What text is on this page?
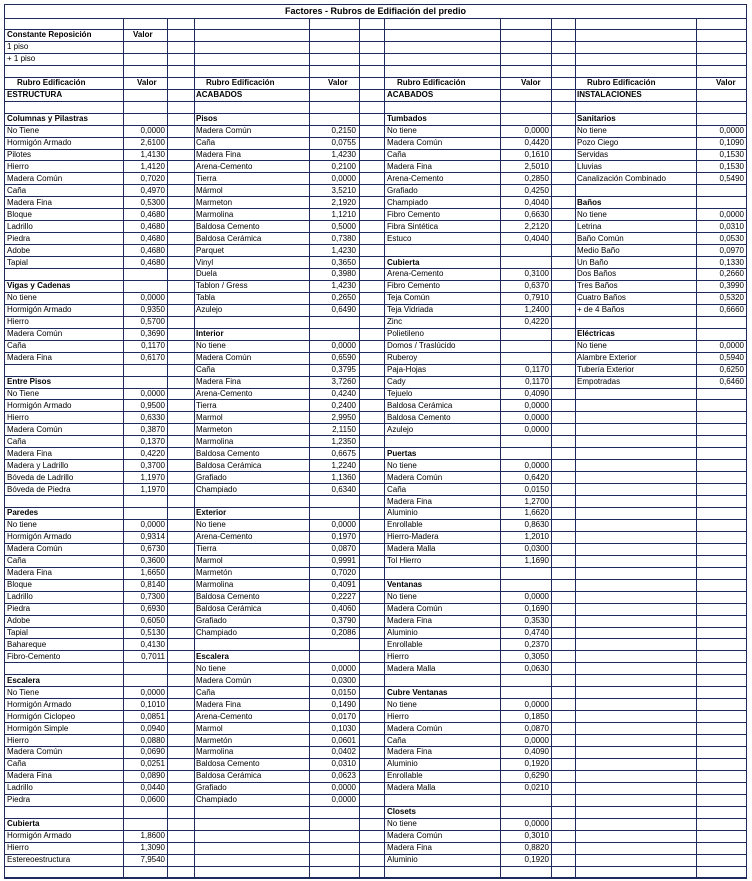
Factores - Rubros de Edifiación del predio
Constante Reposición	Valor
1 piso
+ 1 piso
Rubro Edificación	Valor
ESTRUCTURA
Columnas y Pilastras
No Tiene	0,0000
Hormigón Armado	2,6100
Pilotes	1,4130
Hierro	1,4120
Madera Común	0,7020
Caña	0,4970
Madera Fina	0,5300
Bloque	0,4680
Ladrillo	0,4680
Piedra	0,4680
Adobe	0,4680
Tapial	0,4680
Vigas y Cadenas
No tiene	0,0000
Hormigón Armado	0,9350
Hierro	0,5700
Madera Común	0,3690
Caña	0,1170
Madera Fina	0,6170
Entre Pisos
No Tiene	0,0000
Hormigón Armado	0,9500
Hierro	0,6330
Madera Común	0,3870
Caña	0,1370
Madera Fina	0,4220
Madera y Ladrillo	0,3700
Bóveda de Ladrillo	1,1970
Bóveda de Piedra	1,1970
Paredes
No tiene	0,0000
Hormigón Armado	0,9314
Madera Común	0,6730
Caña	0,3600
Madera Fina	1,6650
Bloque	0,8140
Ladrillo	0,7300
Piedra	0,6930
Adobe	0,6050
Tapial	0,5130
Bahareque	0,4130
Fibro-Cemento	0,7011
Escalera
No Tiene	0,0000
Hormigón Armado	0,1010
Hormigón Ciclopeo	0,0851
Hormigón Simple	0,0940
Hierro	0,0880
Madera Común	0,0690
Caña	0,0251
Madera Fina	0,0890
Ladrillo	0,0440
Piedra	0,0600
Cubierta
Hormigón Armado	1,8600
Hierro	1,3090
Estereoestructura	7,9540
Rubro Edificación	Valor
ACABADOS
Pisos
Madera Común	0,2150
Caña	0,0755
Madera Fina	1,4230
Arena-Cemento	0,2100
Tierra	0,0000
Mármol	3,5210
Marmeton	2,1920
Marmolina	1,1210
Baldosa Cemento	0,5000
Baldosa Cerámica	0,7380
Parquet	1,4230
Vinyl	0,3650
Duela	0,3980
Tablon / Gress	1,4230
Tabla	0,2650
Azulejo	0,6490
Interior
No tiene	0,0000
Madera Común	0,6590
Caña	0,3795
Madera Fina	3,7260
Arena-Cemento	0,4240
Tierra	0,2400
Marmol	2,9950
Marmeton	2,1150
Marmolina	1,2350
Baldosa Cemento	0,6675
Baldosa Cerámica	1,2240
Grafiado	1,1360
Champiado	0,6340
Exterior
No tiene	0,0000
Arena-Cemento	0,1970
Tierra	0,0870
Marmol	0,9991
Marmetón	0,7020
Marmolina	0,4091
Baldosa Cemento	0,2227
Baldosa Cerámica	0,4060
Grafiado	0,3790
Champiado	0,2086
Escalera
No tiene	0,0000
Madera Común	0,0300
Caña	0,0150
Madera Fina	0,1490
Arena-Cemento	0,0170
Marmol	0,1030
Marmetón	0,0601
Marmolina	0,0402
Baldosa Cemento	0,0310
Baldosa Cerámica	0,0623
Grafiado	0,0000
Champiado	0,0000
Rubro Edificación	Valor
ACABADOS
Tumbados
No tiene	0,0000
Madera Común	0,4420
Caña	0,1610
Madera Fina	2,5010
Arena-Cemento	0,2850
Grafiado	0,4250
Champiado	0,4040
Fibro Cemento	0,6630
Fibra Sintética	2,2120
Estuco	0,4040
Cubierta
Arena-Cemento	0,3100
Fibro Cemento	0,6370
Teja Común	0,7910
Teja Vidriada	1,2400
Zinc	0,4220
Polietileno
Domos / Traslúcido
Ruberoy
Paja-Hojas	0,1170
Cady	0,1170
Tejuelo	0,4090
Baldosa Cerámica	0,0000
Baldosa Cemento	0,0000
Azulejo	0,0000
Puertas
No tiene	0,0000
Madera Común	0,6420
Caña	0,0150
Madera Fina	1,2700
Aluminio	1,6620
Enrollable	0,8630
Hierro-Madera	1,2010
Madera Malla	0,0300
Tol Hierro	1,1690
Ventanas
No tiene	0,0000
Madera Común	0,1690
Madera Fina	0,3530
Aluminio	0,4740
Enrollable	0,2370
Hierro	0,3050
Madera Malla	0,0630
Cubre Ventanas
No tiene	0,0000
Hierro	0,1850
Madera Común	0,0870
Caña	0,0000
Madera Fina	0,4090
Aluminio	0,1920
Enrollable	0,6290
Madera Malla	0,0210
Closets
No tiene	0,0000
Madera Común	0,3010
Madera Fina	0,8820
Aluminio	0,1920
Rubro Edificación	Valor
INSTALACIONES
Sanitarios
No tiene	0,0000
Pozo Ciego	0,1090
Servidas	0,1530
Lluvias	0,1530
Canalización Combinado	0,5490
Baños
No tiene	0,0000
Letrina	0,0310
Baño Común	0,0530
Medio Baño	0,0970
Un Baño	0,1330
Dos Baños	0,2660
Tres Baños	0,3990
Cuatro Baños	0,5320
+ de 4 Baños	0,6660
Eléctricas
No tiene	0,0000
Alambre Exterior	0,5940
Tubería Exterior	0,6250
Empotradas	0,6460
